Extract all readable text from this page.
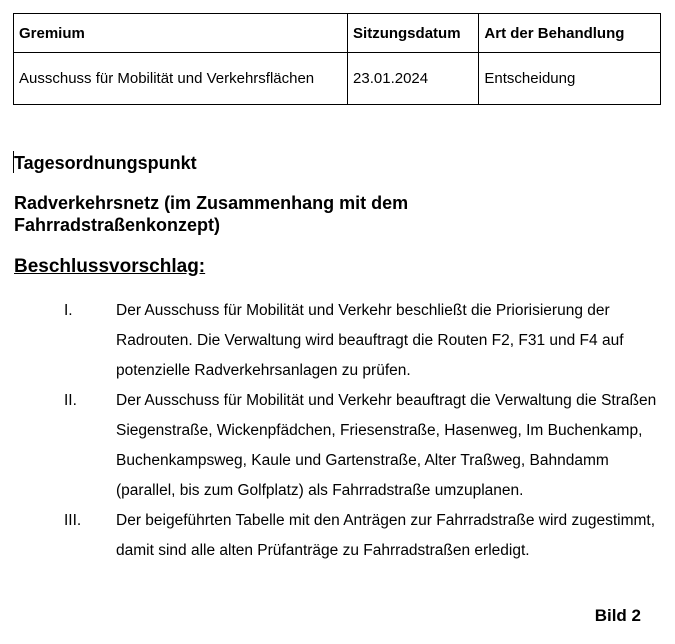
Gremium	Sitzungsdatum	Art der Behandlung
Ausschuss für Mobilität und Verkehrsflächen	23.01.2024	Entscheidung
Tagesordnungspunkt
Radverkehrsnetz (im Zusammenhang mit dem Fahrradstraßenkonzept)
Beschlussvorschlag:
I.	Der Ausschuss für Mobilität und Verkehr beschließt die Priorisierung der Radrouten. Die Verwaltung wird beauftragt die Routen F2, F31 und F4 auf potenzielle Radverkehrsanlagen zu prüfen.
II.	Der Ausschuss für Mobilität und Verkehr beauftragt die Verwaltung die Straßen Siegenstraße, Wickenpfädchen, Friesenstraße, Hasenweg, Im Buchenkamp, Buchenkampsweg, Kaule und Gartenstraße, Alter Traßweg, Bahndamm (parallel, bis zum Golfplatz) als Fahrradstraße umzuplanen.
III. Der beigeführten Tabelle mit den Anträgen zur Fahrradstraße wird zugestimmt, damit sind alle alten Prüfanträge zu Fahrradstraßen erledigt.
Bild 2
